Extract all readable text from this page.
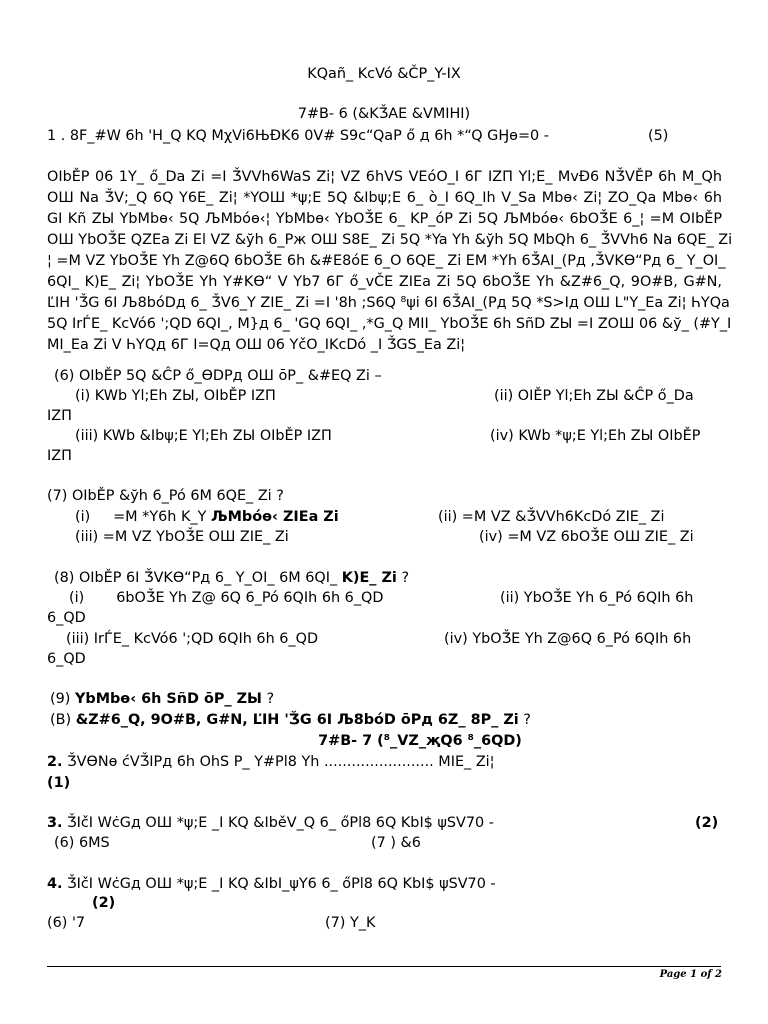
KQañ_ KcVó &ČP_Y-IX
7#B- 6 (&KǮAE &VMIHI)
1 . 8F_#W 6h 'H_Q KQ MχVi6ЊĐK6 0V# S9c“QaP ő д 6h *“Q GӇɵ=0 -	(5)
OIbĚP 06 1Y_ ő_Da Zi =I ǮVVh6WaS Zi¦ VZ 6hVS VEóO_I 6Г IZП Yl;E_ MvÐ6 NǮVĚP 6h M_Qh
OШ Na ǮV;_Q 6Q Y6E_ Zi¦ *YOШ *ψ;E 5Q &Ibψ;E 6_ ò_I 6Q_Ih V_Sa Mbɵ‹ Zi¦ ZO_Qa Mbɵ‹ 6h
GI Kñ ZЫ YbMbɵ‹ 5Q ЉMbóɵ‹¦ YbMbɵ‹ YbOǮE 6_ KP_óP Zi 5Q ЉMbóɵ‹ 6bOǮE 6_¦ =M OIbĚP
OШ YbOǮE QZEa Zi El VZ &ўh 6_Рж OШ S8E_ Zi 5Q *Ya Yh &ўh 5Q MbQh 6_ ǮVVh6 Na 6QE_ Zi
¦ =M VZ YbOǮE Yh Z@6Q 6bOǮE 6h &#E8óE 6_O 6QE_ Zi EM *Yh 6ǮAI_(Pд ,ǮVKϴ“Pд 6_ Y_OI_
6QI_ K)E_ Zi¦ YbOǮE Yh Y#Kϴ“ V Yb7 6Г ő_vČE ZIEa Zi 5Q 6bOǮE Yh &Z#6_Q, 9O#B, G#N,
ĽIH 'ǮG 6I Љ8bóDд 6_ ǮV6_Y ZIE_ Zi =I '8h ;S6Q ⁸ψi 6I 6ǮAI_(Pд 5Q *S>Iд OШ L"Y_Ea Zi¦ ҺYQa
5Q IrЃE_ KcVó6 ';QD 6QI_, M}д 6_ 'GQ 6QI_ ,*G_Q MII_ YbOǮE 6h SñD ZЫ =I ZOШ 06 &ў_ (#Y_I
MI_Ea Zi V ҺYQд 6Г I=Qд OШ 06 YčO_IKcDó _I ǮGS_Ea Zi¦
(6) OIbĚP 5Q &ĈP ő_ӨDPд OШ ōP_ &#EQ Zi –
(i) KWb Yl;Eh ZЫ, OIbĚP IZП	(ii) OIĚP Yl;Eh ZЫ &ĈP ő_Da
IZП
(iii) KWb &Ibψ;E Yl;Eh ZЫ OIbĚP IZП	(iv) KWb *ψ;E Yl;Eh ZЫ OIbĚP
IZП
(7) OIbĚP &ўh 6_Pó 6M 6QE_ Zi ?
(i) =M *Y6h K_Y ЉMbóɵ‹ ZIEa Zi	(ii) =M VZ &ǮVVh6KcDó ZIE_ Zi
(iii) =M VZ YbOǮE OШ ZIE_ Zi	(iv) =M VZ 6bOǮE OШ ZIE_ Zi
(8) OIbĚP 6I ǮVKϴ“Pд 6_ Y_OI_ 6M 6QI_ K)E_ Zi ?
(i) 6bOǮE Yh Z@ 6Q 6_Pó 6QIh 6h 6_QD	(ii) YbOǮE Yh 6_Pó 6QIh 6h
6_QD
(iii) IrЃE_ KcVó6 ';QD 6QIh 6h 6_QD	(iv) YbOǮE Yh Z@6Q 6_Pó 6QIh 6h
6_QD
(9) YbMbɵ‹ 6h SñD ōP_ ZЫ ?
(B) &Z#6_Q, 9O#B, G#N, ĽIH 'ǮG 6I Љ8bóD ōPд 6Z_ 8P_ Zi ?
7#B- 7 (⁸_VZ_җQ6 ⁸_6QD)
2. ǮVӨNɵ ćVǮIPд 6h OhS P_ Y#Pl8 Yh ........................ MIE_ Zi¦
(1)
3. ǮIčI WċGд OШ *ψ;E _I KQ &IběV_Q 6_ őPl8 6Q KbI$ ψSV70 -	(2)
(6) 6MS	(7 ) &6
4. ǮIčI WċGд OШ *ψ;E _I KQ &IbI_ψY6 6_ őPl8 6Q KbI$ ψSV70 -
(2)
(6) '7	(7) Y_K
Page 1 of 2
